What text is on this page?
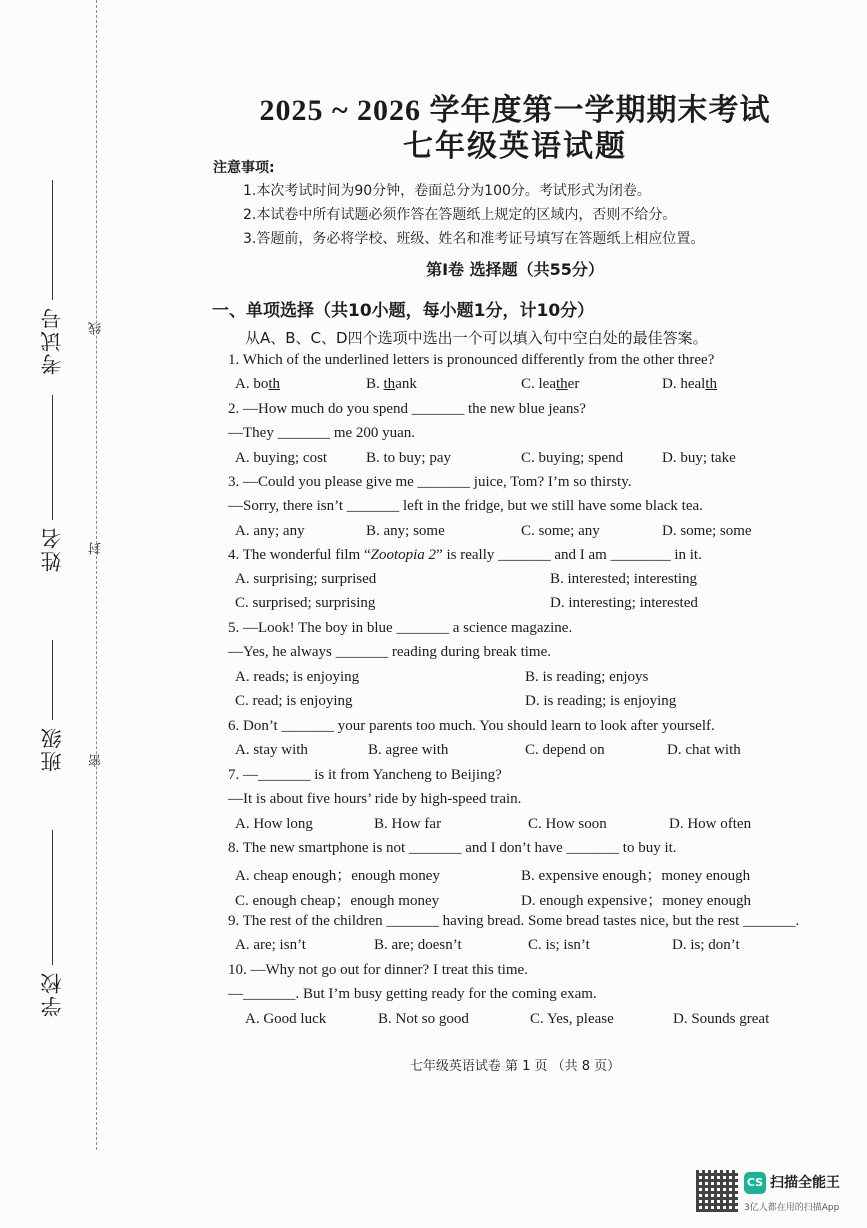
考试号
姓名
班级
学校
线
封
密
2025 ~ 2026 学年度第一学期期末考试
七年级英语试题
注意事项:
1.本次考试时间为90分钟，卷面总分为100分。考试形式为闭卷。
2.本试卷中所有试题必须作答在答题纸上规定的区域内，否则不给分。
3.答题前，务必将学校、班级、姓名和准考证号填写在答题纸上相应位置。
第Ⅰ卷 选择题（共55分）
一、单项选择（共10小题，每小题1分，计10分）
从A、B、C、D四个选项中选出一个可以填入句中空白处的最佳答案。
1. Which of the underlined letters is pronounced differently from the other three?
A. both	B. thank	C. leather	D. health
2. —How much do you spend _______ the new blue jeans?
—They _______ me 200 yuan.
A. buying; cost	B. to buy; pay	C. buying; spend	D. buy; take
3. —Could you please give me _______ juice, Tom? I’m so thirsty.
—Sorry, there isn’t _______ left in the fridge, but we still have some black tea.
A. any; any	B. any; some	C. some; any	D. some; some
4. The wonderful film “Zootopia 2” is really _______ and I am ________ in it.
A. surprising; surprised	B. interested; interesting
C. surprised; surprising	D. interesting; interested
5. —Look! The boy in blue _______ a science magazine.
—Yes, he always _______ reading during break time.
A. reads; is enjoying	B. is reading; enjoys
C. read; is enjoying	D. is reading; is enjoying
6. Don’t _______ your parents too much. You should learn to look after yourself.
A. stay with	B. agree with	C. depend on	D. chat with
7. —_______ is it from Yancheng to Beijing?
—It is about five hours’ ride by high-speed train.
A. How long	B. How far	C. How soon	D. How often
8. The new smartphone is not _______ and I don’t have _______ to buy it.
A. cheap enough；enough money	B. expensive enough；money enough
C. enough cheap；enough money	D. enough expensive；money enough
9. The rest of the children _______ having bread. Some bread tastes nice, but the rest _______.
A. are; isn’t	B. are; doesn’t	C. is; isn’t	D. is; don’t
10. —Why not go out for dinner? I treat this time.
—_______. But I’m busy getting ready for the coming exam.
A. Good luck	B. Not so good	C. Yes, please	D. Sounds great
七年级英语试卷 第 1 页 （共 8 页）
CS 扫描全能王
3亿人都在用的扫描App
